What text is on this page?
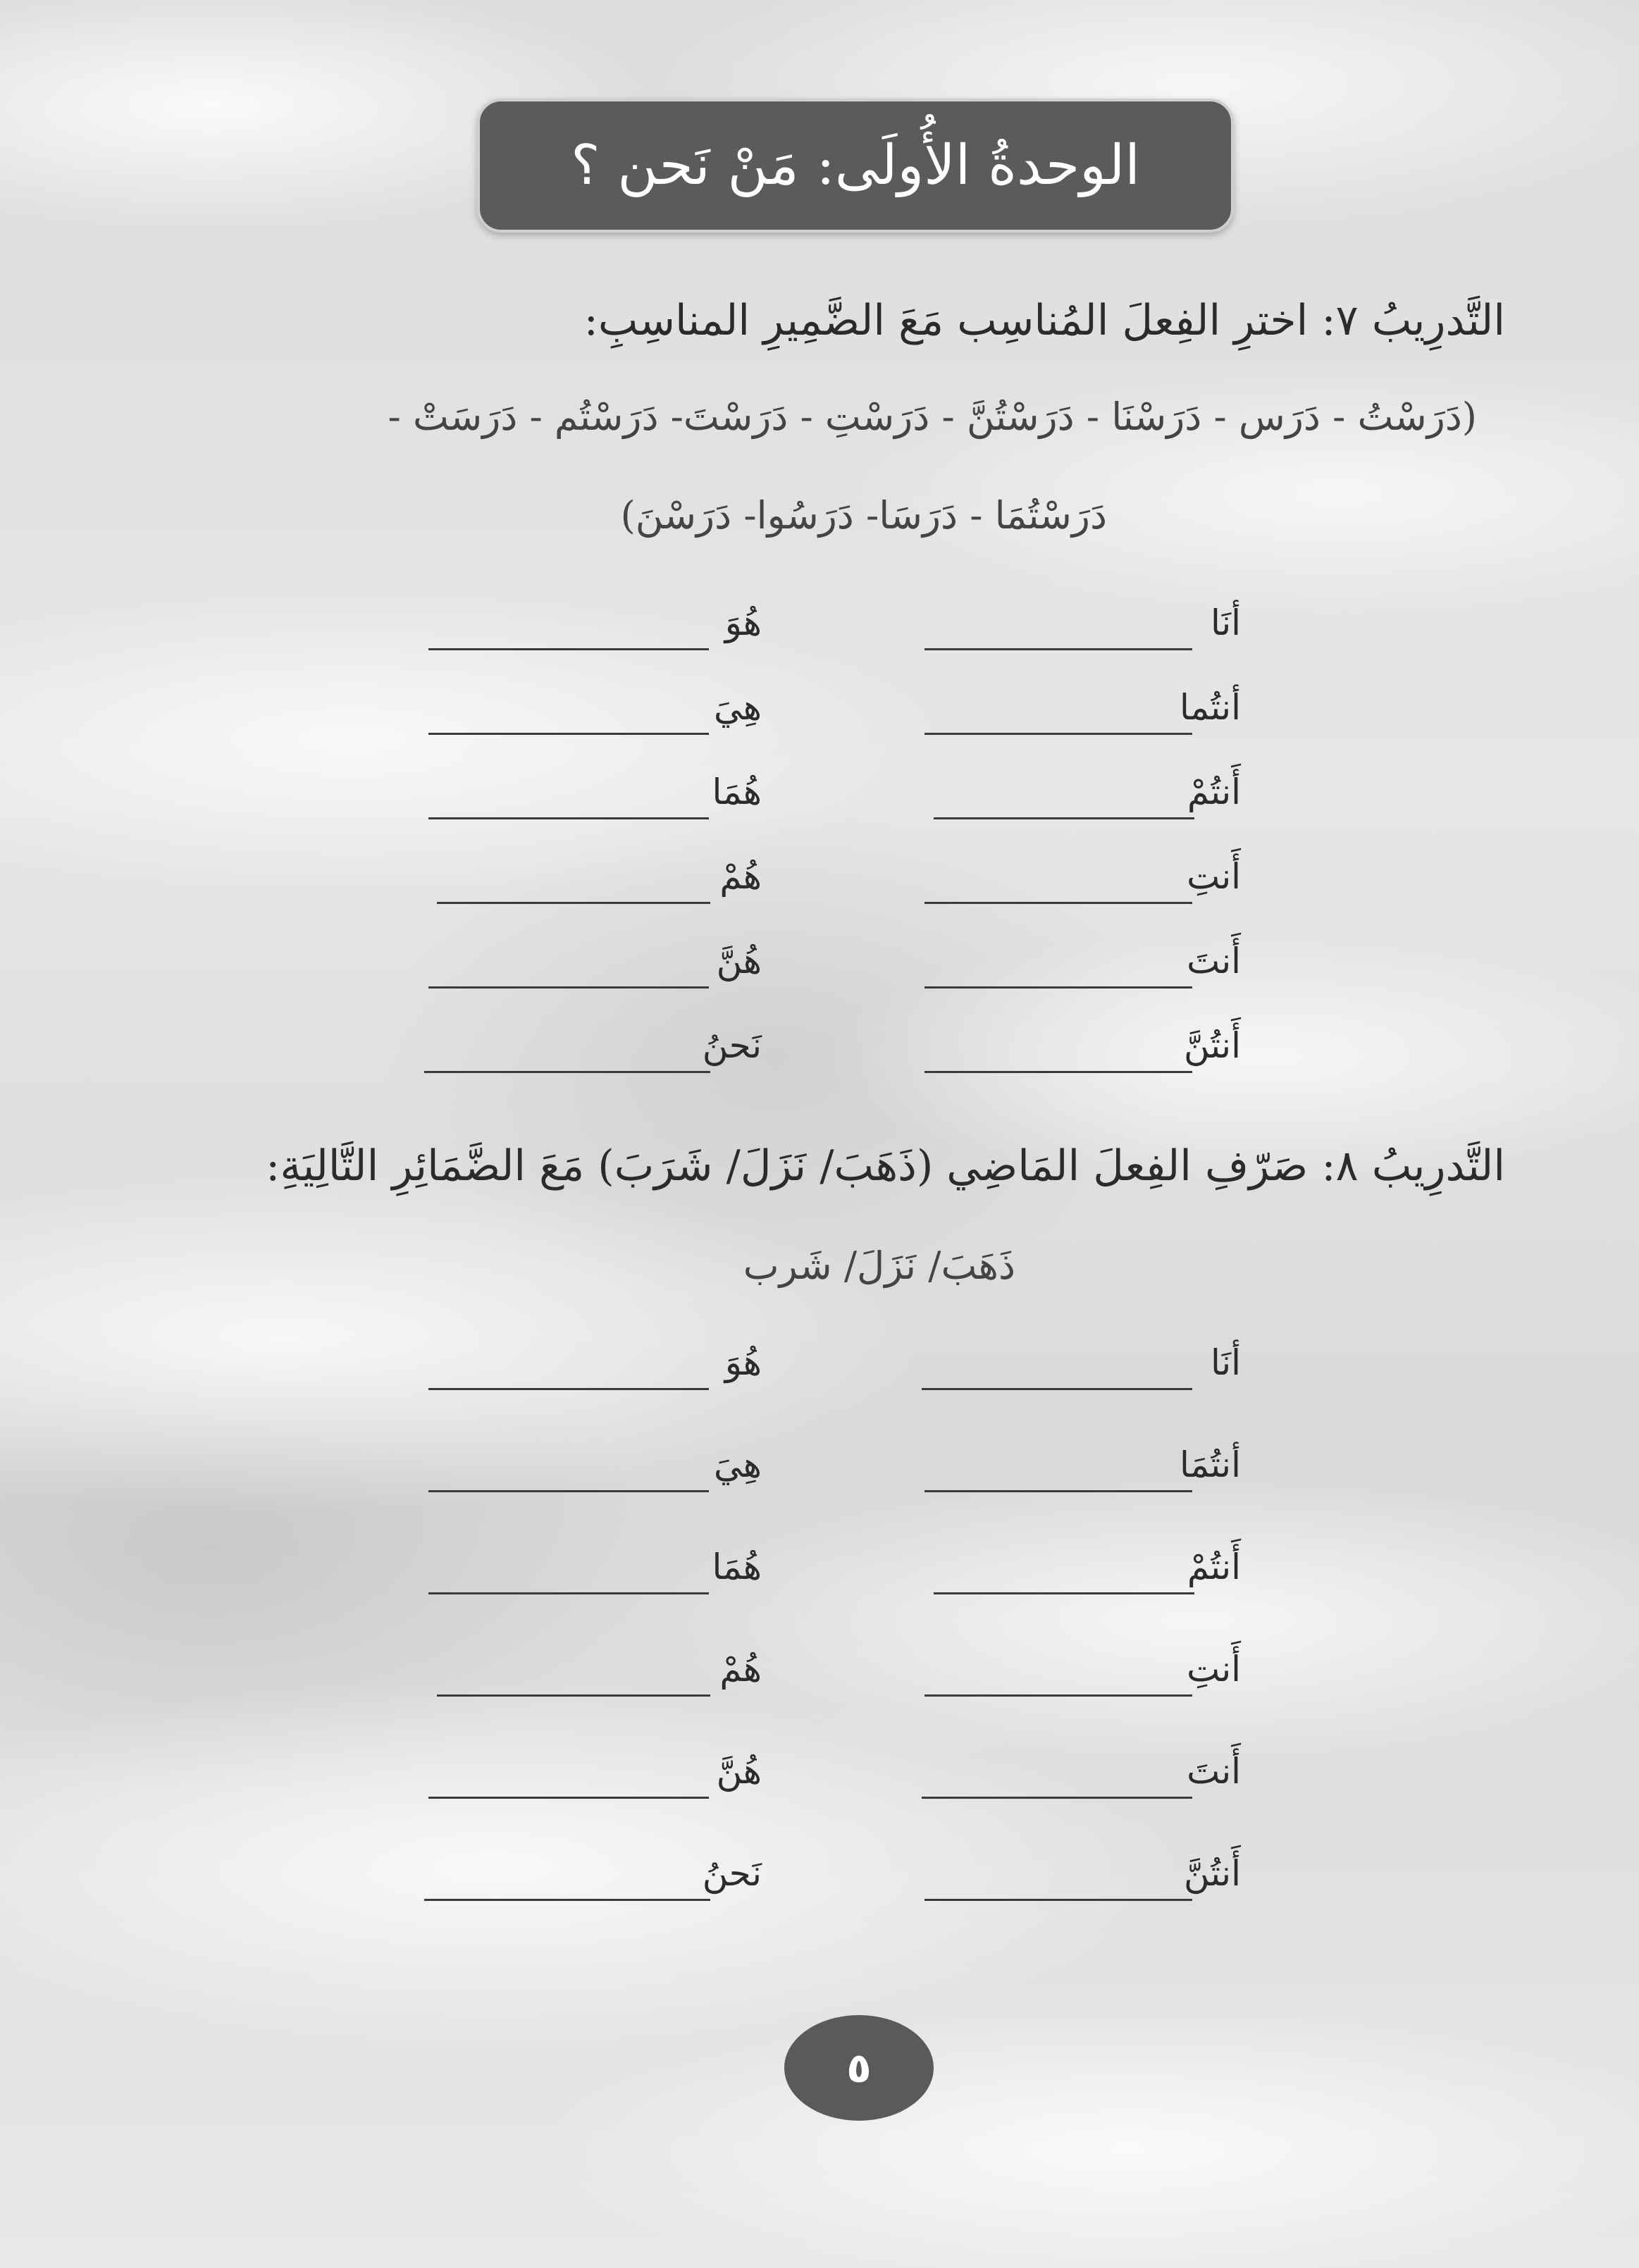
الوحدةُ الأُولَى: مَنْ نَحن ؟
التَّدرِيبُ ٧: اخترِ الفِعلَ المُناسِب مَعَ الضَّمِيرِ المناسِبِ:
(دَرَسْتُ - دَرَس - دَرَسْنَا - دَرَسْتُنَّ - دَرَسْتِ - دَرَسْتَ- دَرَسْتُم - دَرَسَتْ -
دَرَسْتُمَا - دَرَسَا- دَرَسُوا- دَرَسْنَ)
أنَا
أنتُما
أَنتُمْ
أَنتِ
أَنتَ
أَنتُنَّ
هُوَ
هِيَ
هُمَا
هُمْ
هُنَّ
نَحنُ
التَّدرِيبُ ٨: صَرّفِ الفِعلَ المَاضِي (ذَهَبَ/ نَزَلَ/ شَرَبَ) مَعَ الضَّمَائِرِ التَّالِيَةِ:
ذَهَبَ/ نَزَلَ/ شَرب
أنَا
أنتُمَا
أَنتُمْ
أَنتِ
أَنتَ
أَنتُنَّ
هُوَ
هِيَ
هُمَا
هُمْ
هُنَّ
نَحنُ
٥
